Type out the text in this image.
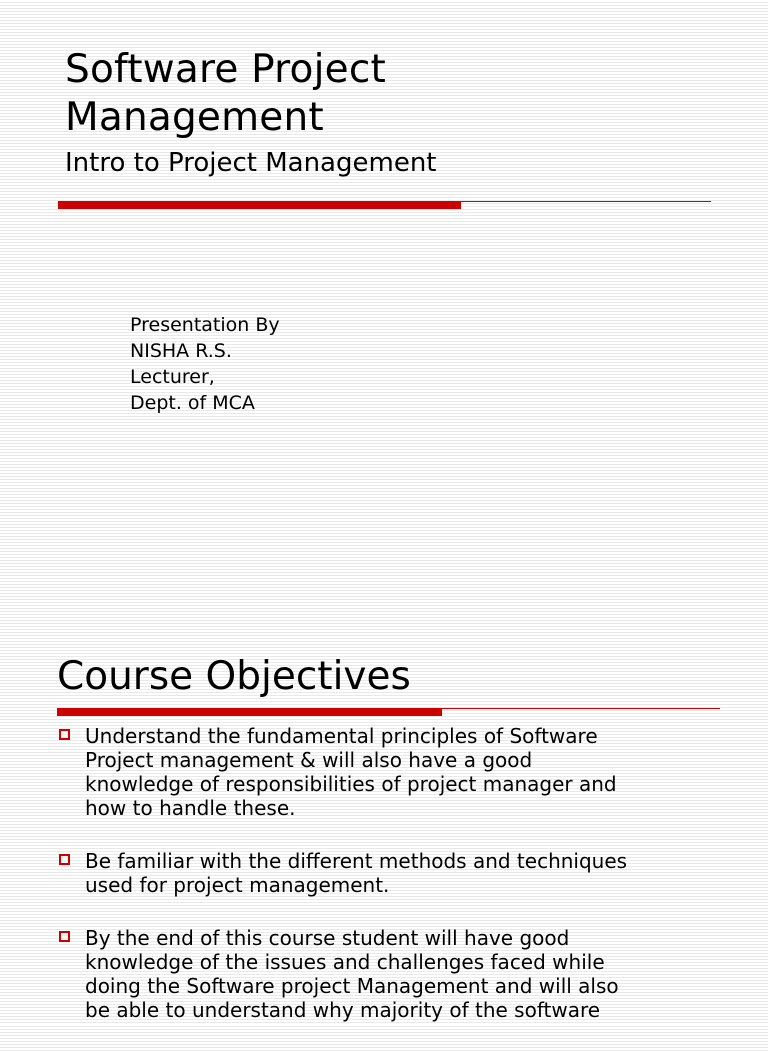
Software Project
Management
Intro to Project Management
Presentation By
NISHA R.S.
Lecturer,
Dept. of MCA
Course Objectives
Understand the fundamental principles of Software
Project management & will also have a good
knowledge of responsibilities of project manager and
how to handle these.
Be familiar with the different methods and techniques
used for project management.
By the end of this course student will have good
knowledge of the issues and challenges faced while
doing the Software project Management and will also
be able to understand why majority of the software
